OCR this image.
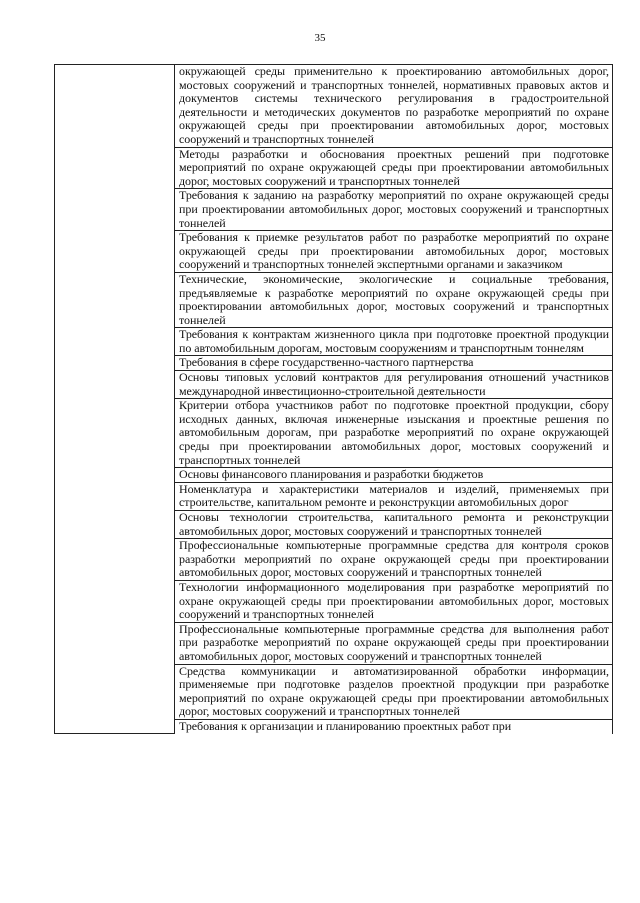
35

окружающей среды применительно к проектированию автомобильных дорог, мостовых сооружений и транспортных тоннелей, нормативных правовых актов и документов системы технического регулирования в градостроительной деятельности и методических документов по разработке мероприятий по охране окружающей среды при проектировании автомобильных дорог, мостовых сооружений и транспортных тоннелей

Методы разработки и обоснования проектных решений при подготовке мероприятий по охране окружающей среды при проектировании автомобильных дорог, мостовых сооружений и транспортных тоннелей

Требования к заданию на разработку мероприятий по охране окружающей среды при проектировании автомобильных дорог, мостовых сооружений и транспортных тоннелей

Требования к приемке результатов работ по разработке мероприятий по охране окружающей среды при проектировании автомобильных дорог, мостовых сооружений и транспортных тоннелей экспертными органами и заказчиком

Технические, экономические, экологические и социальные требования, предъявляемые к разработке мероприятий по охране окружающей среды при проектировании автомобильных дорог, мостовых сооружений и транспортных тоннелей

Требования к контрактам жизненного цикла при подготовке проектной продукции по автомобильным дорогам, мостовым сооружениям и транспортным тоннелям

Требования в сфере государственно-частного партнерства

Основы типовых условий контрактов для регулирования отношений участников международной инвестиционно-строительной деятельности

Критерии отбора участников работ по подготовке проектной продукции, сбору исходных данных, включая инженерные изыскания и проектные решения по автомобильным дорогам, при разработке мероприятий по охране окружающей среды при проектировании автомобильных дорог, мостовых сооружений и транспортных тоннелей

Основы финансового планирования и разработки бюджетов

Номенклатура и характеристики материалов и изделий, применяемых при строительстве, капитальном ремонте и реконструкции автомобильных дорог

Основы технологии строительства, капитального ремонта и реконструкции автомобильных дорог, мостовых сооружений и транспортных тоннелей

Профессиональные компьютерные программные средства для контроля сроков разработки мероприятий по охране окружающей среды при проектировании автомобильных дорог, мостовых сооружений и транспортных тоннелей

Технологии информационного моделирования при разработке мероприятий по охране окружающей среды при проектировании автомобильных дорог, мостовых сооружений и транспортных тоннелей

Профессиональные компьютерные программные средства для выполнения работ при разработке мероприятий по охране окружающей среды при проектировании автомобильных дорог, мостовых сооружений и транспортных тоннелей

Средства коммуникации и автоматизированной обработки информации, применяемые при подготовке разделов проектной продукции при разработке мероприятий по охране окружающей среды при проектировании автомобильных дорог, мостовых сооружений и транспортных тоннелей

Требования к организации и планированию проектных работ при
